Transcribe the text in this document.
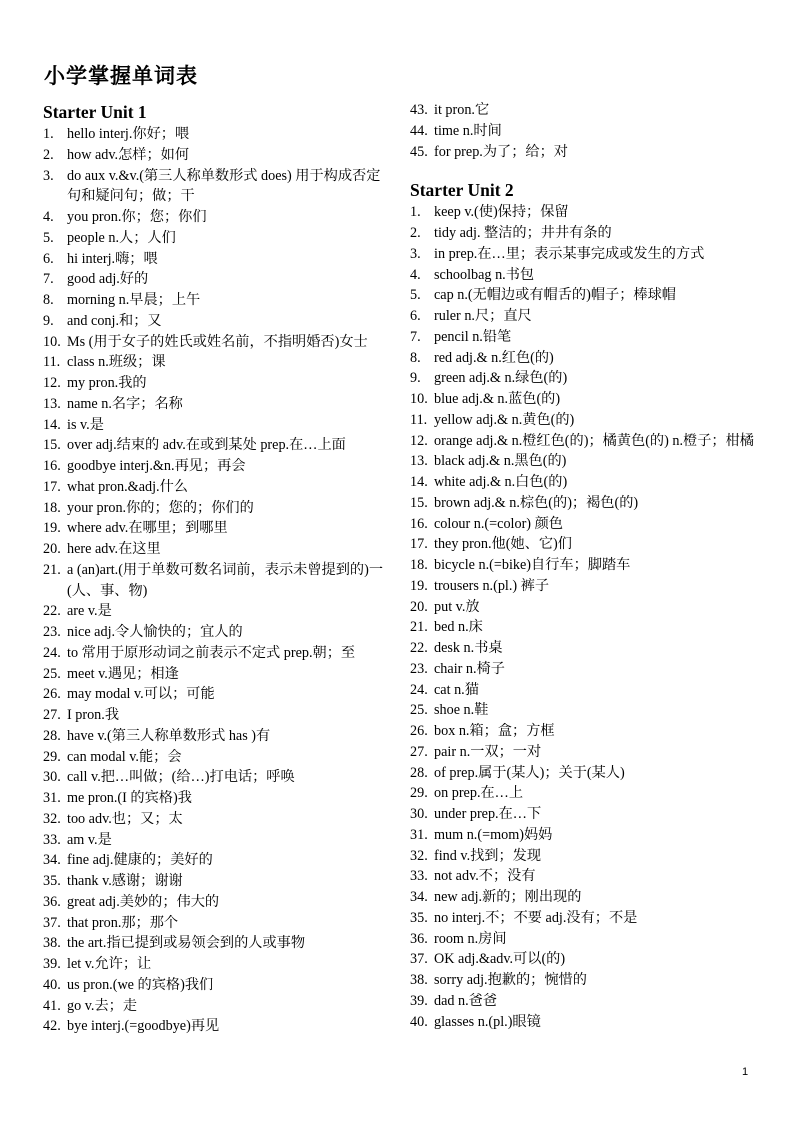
小学掌握单词表
Starter Unit 1
1. hello interj.你好；喂
2. how adv.怎样；如何
3. do aux v.&v.(第三人称单数形式 does) 用于构成否定句和疑问句；做；干
4. you pron.你；您；你们
5. people n.人；人们
6. hi interj.嗨；喂
7. good adj.好的
8. morning n.早晨；上午
9. and conj.和；又
10. Ms (用于女子的姓氏或姓名前，不指明婚否)女士
11. class n.班级；课
12. my pron.我的
13. name n.名字；名称
14. is v.是
15. over adj.结束的 adv.在或到某处 prep.在…上面
16. goodbye interj.&n.再见；再会
17. what pron.&adj.什么
18. your pron.你的；您的；你们的
19. where adv.在哪里；到哪里
20. here adv.在这里
21. a (an)art.(用于单数可数名词前，表示未曾提到的)一(人、事、物)
22. are v.是
23. nice adj.令人愉快的；宜人的
24. to 常用于原形动词之前表示不定式 prep.朝；至
25. meet v.遇见；相逢
26. may modal v.可以；可能
27. I pron.我
28. have v.(第三人称单数形式 has )有
29. can modal v.能；会
30. call v.把…叫做；(给…)打电话；呼唤
31. me pron.(I 的宾格)我
32. too adv.也；又；太
33. am v.是
34. fine adj.健康的；美好的
35. thank v.感谢；谢谢
36. great adj.美妙的；伟大的
37. that pron.那；那个
38. the art.指已提到或易领会到的人或事物
39. let v.允许；让
40. us pron.(we 的宾格)我们
41. go v.去；走
42. bye interj.(=goodbye)再见
43. it pron.它
44. time n.时间
45. for prep.为了；给；对
Starter Unit 2
1. keep v.(使)保持；保留
2. tidy adj. 整洁的；井井有条的
3. in prep.在…里；表示某事完成或发生的方式
4. schoolbag n.书包
5. cap n.(无帽边或有帽舌的)帽子；棒球帽
6. ruler n.尺；直尺
7. pencil n.铅笔
8. red adj.& n.红色(的)
9. green adj.& n.绿色(的)
10. blue adj.& n.蓝色(的)
11. yellow adj.& n.黄色(的)
12. orange adj.& n.橙红色(的)；橘黄色(的) n.橙子；柑橘
13. black adj.& n.黑色(的)
14. white adj.& n.白色(的)
15. brown adj.& n.棕色(的)；褐色(的)
16. colour n.(=color) 颜色
17. they pron.他(她、它)们
18. bicycle n.(=bike)自行车；脚踏车
19. trousers n.(pl.) 裤子
20. put v.放
21. bed n.床
22. desk n.书桌
23. chair n.椅子
24. cat n.猫
25. shoe n.鞋
26. box n.箱；盒；方框
27. pair n.一双；一对
28. of prep.属于(某人)；关于(某人)
29. on prep.在…上
30. under prep.在…下
31. mum n.(=mom)妈妈
32. find v.找到；发现
33. not adv.不；没有
34. new adj.新的；刚出现的
35. no interj.不；不要 adj.没有；不是
36. room n.房间
37. OK adj.&adv.可以(的)
38. sorry adj.抱歉的；惋惜的
39. dad n.爸爸
40. glasses n.(pl.)眼镜
1
